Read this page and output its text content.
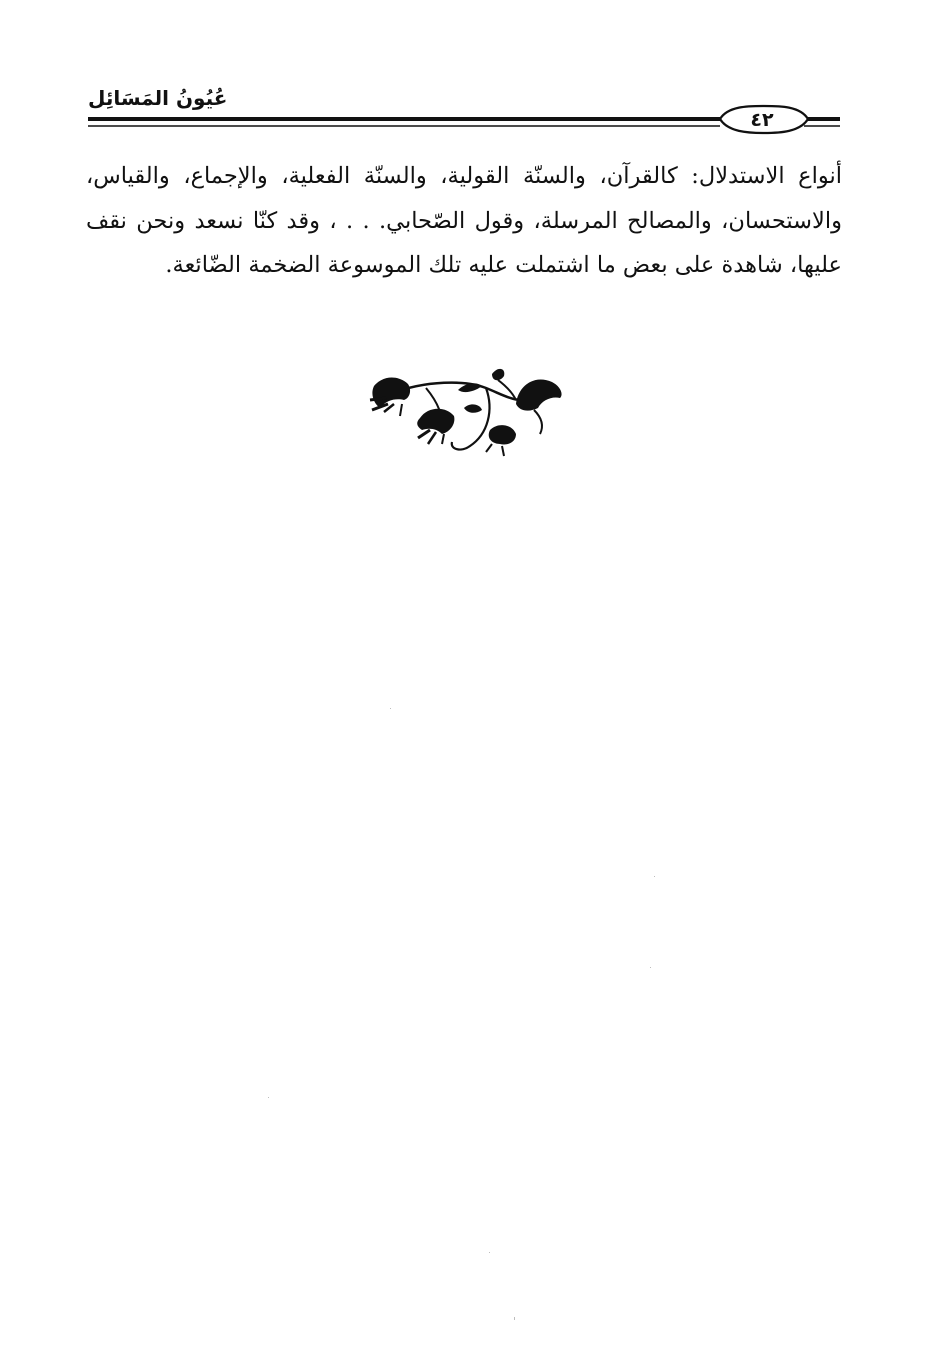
عُيُونُ المَسَائِل
٤٢

أنواع الاستدلال: كالقرآن، والسنّة القولية، والسنّة الفعلية، والإجماع، والقياس، والاستحسان، والمصالح المرسلة، وقول الصّحابي. . . ، وقد كنّا نسعد ونحن نقف عليها، شاهدة على بعض ما اشتملت عليه تلك الموسوعة الضخمة الضّائعة.
